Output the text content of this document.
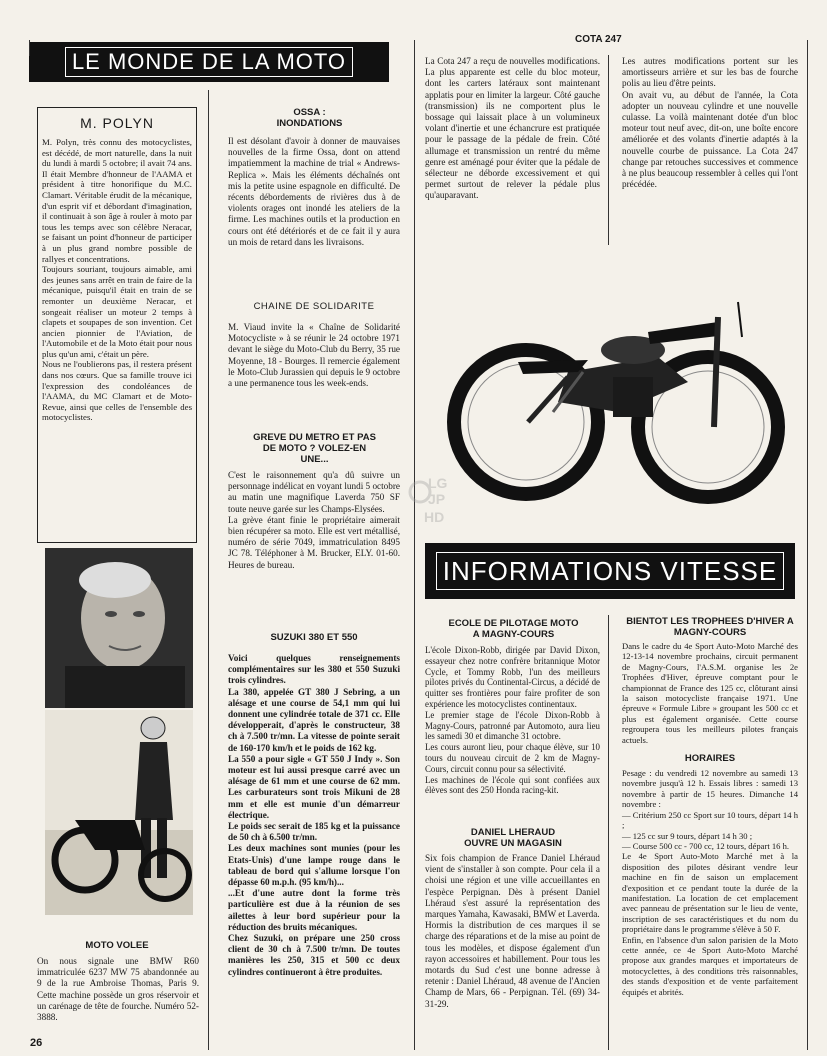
LE MONDE DE LA MOTO
COTA 247
M. POLYN

M. Polyn, très connu des motocyclistes, est décédé, de mort naturelle, dans la nuit du lundi à mardi 5 octobre; il avait 74 ans. Il était Membre d'honneur de l'AAMA et président à titre honorifique du M.C. Clamart. Véritable érudit de la mécanique, d'un esprit vif et débordant d'imagination, il continuait à son âge à rouler à moto par tous les temps avec son célèbre Neracar, se faisant un point d'honneur de participer à un plus grand nombre possible de rallyes et concentrations.

Toujours souriant, toujours aimable, ami des jeunes sans arrêt en train de faire de la mécanique, puisqu'il était en train de se remonter un deuxième Neracar, et songeait réaliser un moteur 2 temps à clapets et soupapes de son invention. Cet ancien pionnier de l'Aviation, de l'Automobile et de la Moto était pour nous plus qu'un ami, c'était un père.

Nous ne l'oublierons pas, il restera présent dans nos cœurs. Que sa famille trouve ici l'expression des condoléances de l'AAMA, du MC Clamart et de Moto-Revue, ainsi que celles de l'ensemble des motocyclistes.

MOTO VOLEE
On nous signale une BMW R60 immatriculée 6237 MW 75 abandonnée au 9 de la rue Ambroise Thomas, Paris 9. Cette machine possède un gros réservoir et un carénage de tête de fourche. Numéro 52-3888.
26
OSSA : INONDATIONS
Il est désolant d'avoir à donner de mauvaises nouvelles de la firme Ossa, dont on attend impatiemment la machine de trial « Andrews-Replica ». Mais les éléments déchaînés ont mis la petite usine espagnole en difficulté. De récents débordements de rivières dus à de violents orages ont inondé les ateliers de la firme. Les machines outils et la production en cours ont été détériorés et de ce fait il y aura un mois de retard dans les livraisons.
CHAINE DE SOLIDARITE
M. Viaud invite la « Chaîne de Solidarité Motocycliste » à se réunir le 24 octobre 1971 devant le siège du Moto-Club du Berry, 35 rue Moyenne, 18 - Bourges. Il remercie également le Moto-Club Jurassien qui depuis le 9 octobre a une permanence tous les week-ends.
GREVE DU METRO ET PAS DE MOTO ? VOLEZ-EN UNE...

C'est le raisonnement qu'a dû suivre un personnage indélicat en voyant lundi 5 octobre au matin une magnifique Laverda 750 SF toute neuve garée sur les Champs-Elysées.

La grève étant finie le propriétaire aimerait bien récupérer sa moto. Elle est vert métallisé, numéro de série 7049, immatriculation 8495 JC 78. Téléphoner à M. Brucker, ELY. 01-60. Heures de bureau.

SUZUKI 380 ET 550

Voici quelques renseignements complémentaires sur les 380 et 550 Suzuki trois cylindres.

La 380, appelée GT 380 J Sebring, a un alésage et une course de 54,1 mm qui lui donnent une cylindrée totale de 371 cc. Elle développerait, d'après le constructeur, 38 ch à 7.500 tr/mn. La vitesse de pointe serait de 160-170 km/h et le poids de 162 kg.

La 550 a pour sigle « GT 550 J Indy ». Son moteur est lui aussi presque carré avec un alésage de 61 mm et une course de 62 mm. Les carburateurs sont trois Mikuni de 28 mm et elle est munie d'un démarreur électrique.

Le poids sec serait de 185 kg et la puissance de 50 ch à 6.500 tr/mn.

Les deux machines sont munies (pour les Etats-Unis) d'une lampe rouge dans le tableau de bord qui s'allume lorsque l'on dépasse 60 m.p.h. (95 km/h)...

...Et d'une autre dont la forme très particulière est due à la réunion de ses ailettes à leur bord supérieur pour la réduction des bruits mécaniques.

Chez Suzuki, on prépare une 250 cross client de 30 ch à 7.500 tr/mn. De toutes manières les 250, 315 et 500 cc deux cylindres continueront à être produites.

La Cota 247 a reçu de nouvelles modifications. La plus apparente est celle du bloc moteur, dont les carters latéraux sont maintenant applatis pour en limiter la largeur. Côté gauche (transmission) ils ne comportent plus le bossage qui laissait place à un volumineux volant d'inertie et une échancrure est pratiquée pour le passage de la pédale de frein. Côté allumage et transmission un rentré du même genre est aménagé pour éviter que la pédale de sélecteur ne déborde excessivement et qui permet surtout de relever la pédale plus qu'auparavant.

Les autres modifications portent sur les amortisseurs arrière et sur les bas de fourche polis au lieu d'être peints.

On avait vu, au début de l'année, la Cota adopter un nouveau cylindre et une nouvelle culasse. La voilà maintenant dotée d'un bloc moteur tout neuf avec, dit-on, une boîte encore améliorée et des volants d'inertie adaptés à la nouvelle courbe de puissance. La Cota 247 change par retouches successives et commence à ne plus beaucoup ressembler à celles qui l'ont précédée.

INFORMATIONS VITESSE
LG
JP
HD
ECOLE DE PILOTAGE MOTO A MAGNY-COURS

L'école Dixon-Robb, dirigée par David Dixon, essayeur chez notre confrère britannique Motor Cycle, et Tommy Robb, l'un des meilleurs pilotes privés du Continental-Circus, a décidé de quitter ses frontières pour faire profiter de son expérience les motocyclistes continentaux.

Le premier stage de l'école Dixon-Robb à Magny-Cours, patronné par Automoto, aura lieu les samedi 30 et dimanche 31 octobre.

Les cours auront lieu, pour chaque élève, sur 10 tours du nouveau circuit de 2 km de Magny-Cours, circuit connu pour sa sélectivité.

Les machines de l'école qui sont confiées aux élèves sont des 250 Honda racing-kit.

DANIEL LHERAUD OUVRE UN MAGASIN

Six fois champion de France Daniel Lhéraud vient de s'installer à son compte. Pour cela il a choisi une région et une ville accueillantes en l'espèce Perpignan. Dès à présent Daniel Lhéraud s'est assuré la représentation des marques Yamaha, Kawasaki, BMW et Laverda.

Hormis la distribution de ces marques il se charge des réparations et de la mise au point de tous les modèles, et dispose également d'un rayon accessoires et habillement. Pour tous les motards du Sud c'est une bonne adresse à retenir : Daniel Lhéraud, 48 avenue de l'Ancien Champ de Mars, 66 - Perpignan. Tél. (69) 34-31-29.

BIENTOT LES TROPHEES D'HIVER A MAGNY-COURS

Dans le cadre du 4e Sport Auto-Moto Marché des 12-13-14 novembre prochains, circuit permanent de Magny-Cours, l'A.S.M. organise les 2e Trophées d'Hiver, épreuve comptant pour le championnat de France des 125 cc, clôturant ainsi la saison motocycliste française 1971. Une épreuve « Formule Libre » groupant les 500 cc et plus est également organisée. Cette course regroupera tous les meilleurs pilotes français actuels.

HORAIRES

Pesage : du vendredi 12 novembre au samedi 13 novembre jusqu'à 12 h. Essais libres : samedi 13 novembre à partir de 15 heures. Dimanche 14 novembre :

— Critérium 250 cc Sport sur 10 tours, départ 14 h ;

— 125 cc sur 9 tours, départ 14 h 30 ;

— Course 500 cc - 700 cc, 12 tours, départ 16 h.

Le 4e Sport Auto-Moto Marché met à la disposition des pilotes désirant vendre leur machine en fin de saison un emplacement d'exposition et ce pendant toute la durée de la manifestation. La location de cet emplacement avec panneau de présentation sur le lieu de vente, inscription de ses caractéristiques et du nom du propriétaire dans le programme s'élève à 50 F.

Enfin, en l'absence d'un salon parisien de la Moto cette année, ce 4e Sport Auto-Moto Marché propose aux grandes marques et importateurs de motocyclettes, à des conditions très raisonnables, des stands d'exposition et de vente parfaitement équipés et abrités.
